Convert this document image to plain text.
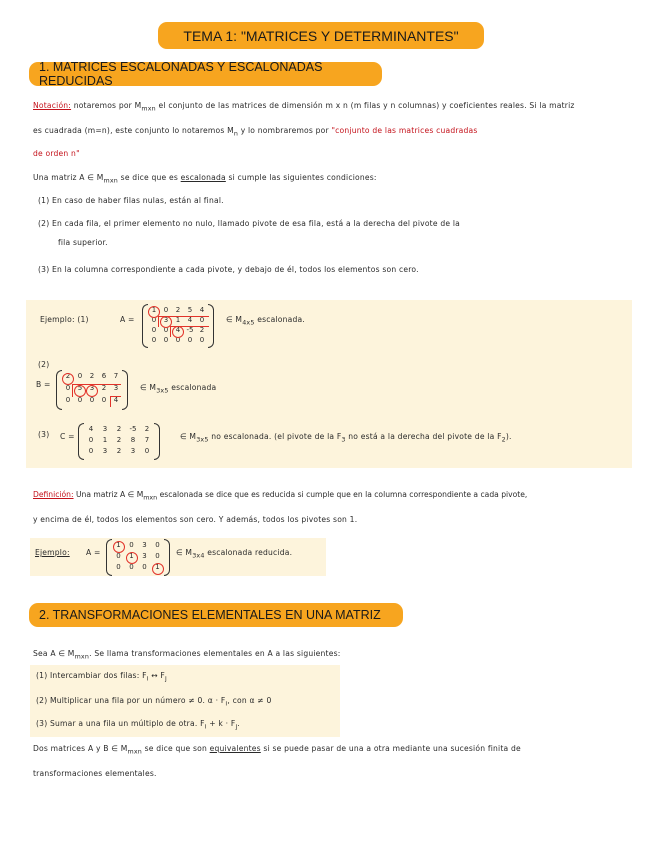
TEMA 1: "MATRICES Y DETERMINANTES"
1. MATRICES ESCALONADAS Y ESCALONADAS REDUCIDAS
Notación: notaremos por $M_{mxn}$ el conjunto de las matrices de dimensión m x n (m filas y n columnas) y coeficientes reales. Si la matriz
es cuadrada (m=n), este conjunto lo notaremos $M_n$ y lo nombraremos por "conjunto de las matrices cuadradas
de orden n"
Una matriz A ∈ $M_{mxn}$ se dice que es escalonada si cumple las siguientes condiciones:
(1) En caso de haber filas nulas, están al final.
(2) En cada fila, el primer elemento no nulo, llamado pivote de esa fila, está a la derecha del pivote de la
fila superior.
(3) En la columna correspondiente a cada pivote, y debajo de él, todos los elementos son cero.
Ejemplo: (1)	A =
1	0	2	5	4
0	3	1	4	0
0	0	4 -5 2
0	0	0	0	0
∈ $M_{4x5}$ escalonada.
(2)
B =
2	0	2	6	7
0	5	3	2	3
0	0	0	0	4
∈ $M_{3x5}$ escalonada
(3) C =
4	3	2	-5	2
0	1	2	8	7
0	3	2	3	0
∈ $M_{3x5}$ no escalonada. (el pivote de la $F_3$ no está a la derecha del pivote de la $F_2$).
Definición: Una matriz A ∈ $M_{mxn}$ escalonada se dice que es reducida si cumple que en la columna correspondiente a cada pivote,
y encima de él, todos los elementos son cero. Y además, todos los pivotes son 1.
Ejemplo: A =
1	0	3	0
0	1	3	0
0	0	0	1
∈ $M_{3x4}$ escalonada reducida.
2. TRANSFORMACIONES ELEMENTALES EN UNA MATRIZ
Sea A ∈ $M_{mxn}$. Se llama transformaciones elementales en A a las siguientes:
(1) Intercambiar dos filas: $F_i$ ↔ $F_j$
(2) Multiplicar una fila por un número ≠ 0. $\alpha \cdot F_i$, con α ≠ 0
(3) Sumar a una fila un múltiplo de otra. $F_i + k \cdot F_j$.
Dos matrices A y B ∈ $M_{mxn}$ se dice que son equivalentes si se puede pasar de una a otra mediante una sucesión finita de
transformaciones elementales.
